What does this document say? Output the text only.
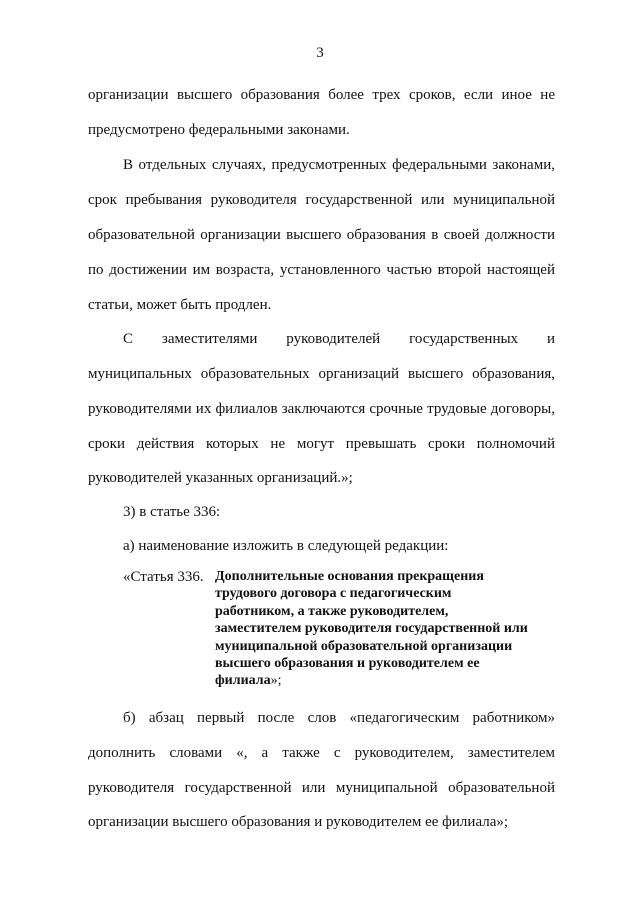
3
организации высшего образования более трех сроков, если иное не
предусмотрено федеральными законами.
В отдельных случаях, предусмотренных федеральными законами,
срок пребывания руководителя государственной или муниципальной
образовательной организации высшего образования в своей должности
по достижении им возраста, установленного частью второй настоящей
статьи, может быть продлен.
С заместителями руководителей государственных и
муниципальных образовательных организаций высшего образования,
руководителями их филиалов заключаются срочные трудовые договоры,
сроки действия которых не могут превышать сроки полномочий
руководителей указанных организаций.»;
3) в статье 336:
а) наименование изложить в следующей редакции:
«Статья 336. Дополнительные основания прекращения
трудового договора с педагогическим
работником, а также руководителем,
заместителем руководителя государственной или
муниципальной образовательной организации
высшего образования и руководителем ее
филиала»;
б) абзац первый после слов «педагогическим работником»
дополнить словами «, а также с руководителем, заместителем
руководителя государственной или муниципальной образовательной
организации высшего образования и руководителем ее филиала»;
